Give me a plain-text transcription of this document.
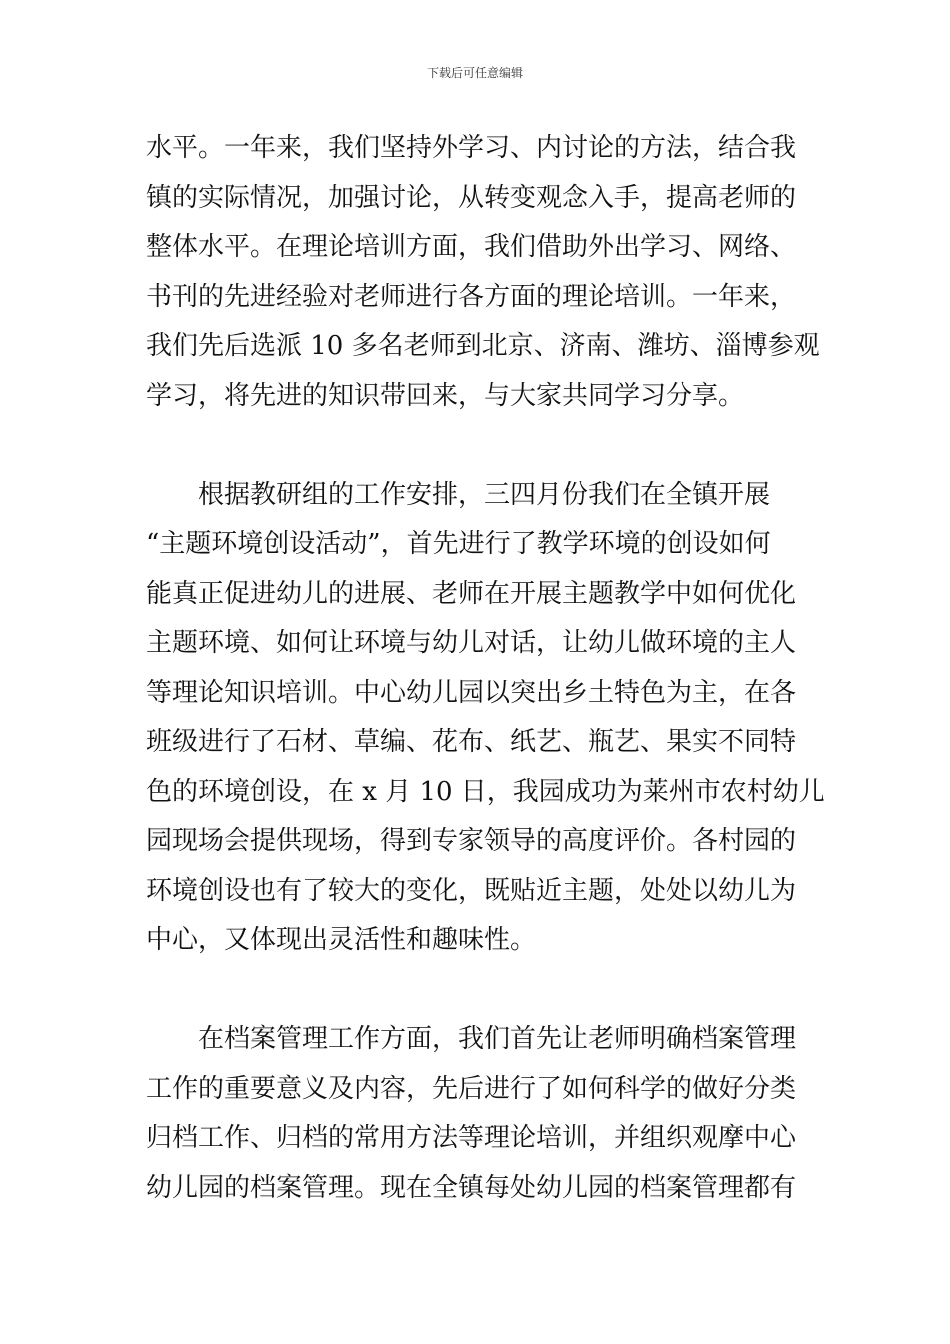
下载后可任意编辑
水平。一年来，我们坚持外学习、内讨论的方法，结合我
镇的实际情况，加强讨论，从转变观念入手，提高老师的
整体水平。在理论培训方面，我们借助外出学习、网络、
书刊的先进经验对老师进行各方面的理论培训。一年来，
我们先后选派 10 多名老师到北京、济南、潍坊、淄博参观
学习，将先进的知识带回来，与大家共同学习分享。
　　根据教研组的工作安排，三四月份我们在全镇开展
“主题环境创设活动”，首先进行了教学环境的创设如何
能真正促进幼儿的进展、老师在开展主题教学中如何优化
主题环境、如何让环境与幼儿对话，让幼儿做环境的主人
等理论知识培训。中心幼儿园以突出乡土特色为主，在各
班级进行了石材、草编、花布、纸艺、瓶艺、果实不同特
色的环境创设，在 x 月 10 日，我园成功为莱州市农村幼儿
园现场会提供现场，得到专家领导的高度评价。各村园的
环境创设也有了较大的变化，既贴近主题，处处以幼儿为
中心，又体现出灵活性和趣味性。
　　在档案管理工作方面，我们首先让老师明确档案管理
工作的重要意义及内容，先后进行了如何科学的做好分类
归档工作、归档的常用方法等理论培训，并组织观摩中心
幼儿园的档案管理。现在全镇每处幼儿园的档案管理都有
